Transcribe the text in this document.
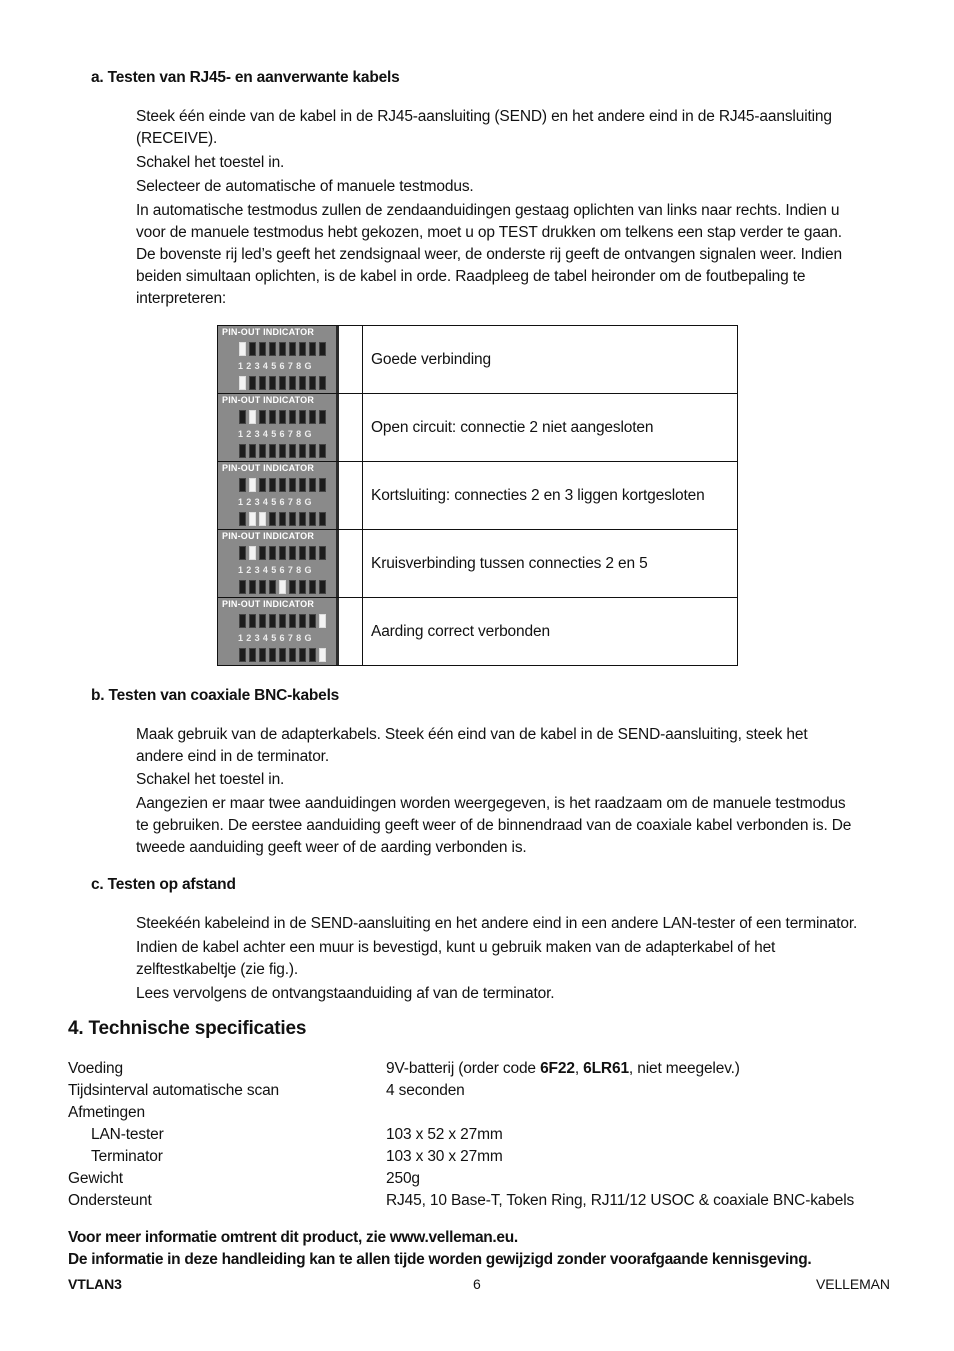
a. Testen van RJ45- en aanverwante kabels

Steek één einde van de kabel in de RJ45-aansluiting (SEND) en het andere eind in de RJ45-aansluiting

(RECEIVE).

Schakel het toestel in.

Selecteer de automatische of manuele testmodus.

In automatische testmodus zullen de zendaanduidingen gestaag oplichten van links naar rechts. Indien u

voor de manuele testmodus hebt gekozen, moet u op TEST drukken om telkens een stap verder te gaan.

De bovenste rij led’s geeft het zendsignaal weer, de onderste rij geeft de ontvangen signalen weer. Indien

beiden simultaan oplichten, is de kabel in orde. Raadpleeg de tabel heironder om de foutbepaling te

interpreteren:

PIN-OUT INDICATOR
12345678G	Goede verbinding

PIN-OUT INDICATOR
12345678G	Open circuit: connectie 2 niet aangesloten

PIN-OUT INDICATOR
12345678G	Kortsluiting: connecties 2 en 3 liggen kortgesloten

PIN-OUT INDICATOR
12345678G	Kruisverbinding tussen connecties 2 en 5

PIN-OUT INDICATOR
12345678G	Aarding correct verbonden
b. Testen van coaxiale BNC-kabels

Maak gebruik van de adapterkabels. Steek één eind van de kabel in de SEND-aansluiting, steek het

andere eind in de terminator.

Schakel het toestel in.

Aangezien er maar twee aanduidingen worden weergegeven, is het raadzaam om de manuele testmodus

te gebruiken. De eerstee aanduiding geeft weer of de binnendraad van de coaxiale kabel verbonden is. De

tweede aanduiding geeft weer of de aarding verbonden is.

c. Testen op afstand

Steekéén kabeleind in de SEND-aansluiting en het andere eind in een andere LAN-tester of een terminator.

Indien de kabel achter een muur is bevestigd, kunt u gebruik maken van de adapterkabel of het

zelftestkabeltje (zie fig.).

Lees vervolgens de ontvangstaanduiding af van de terminator.

4. Technische specificaties
Voeding	9V-batterij (order code 6F22, 6LR61, niet meegelev.)
Tijdsinterval automatische scan	4 seconden
Afmetingen
LAN-tester	103 x 52 x 27mm
Terminator	103 x 30 x 27mm
Gewicht	250g
Ondersteunt	RJ45, 10 Base-T, Token Ring, RJ11/12 USOC & coaxiale BNC-kabels
Voor meer informatie omtrent dit product, zie www.velleman.eu.
De informatie in deze handleiding kan te allen tijde worden gewijzigd zonder voorafgaande kennisgeving.
VTLAN3	6	VELLEMAN
